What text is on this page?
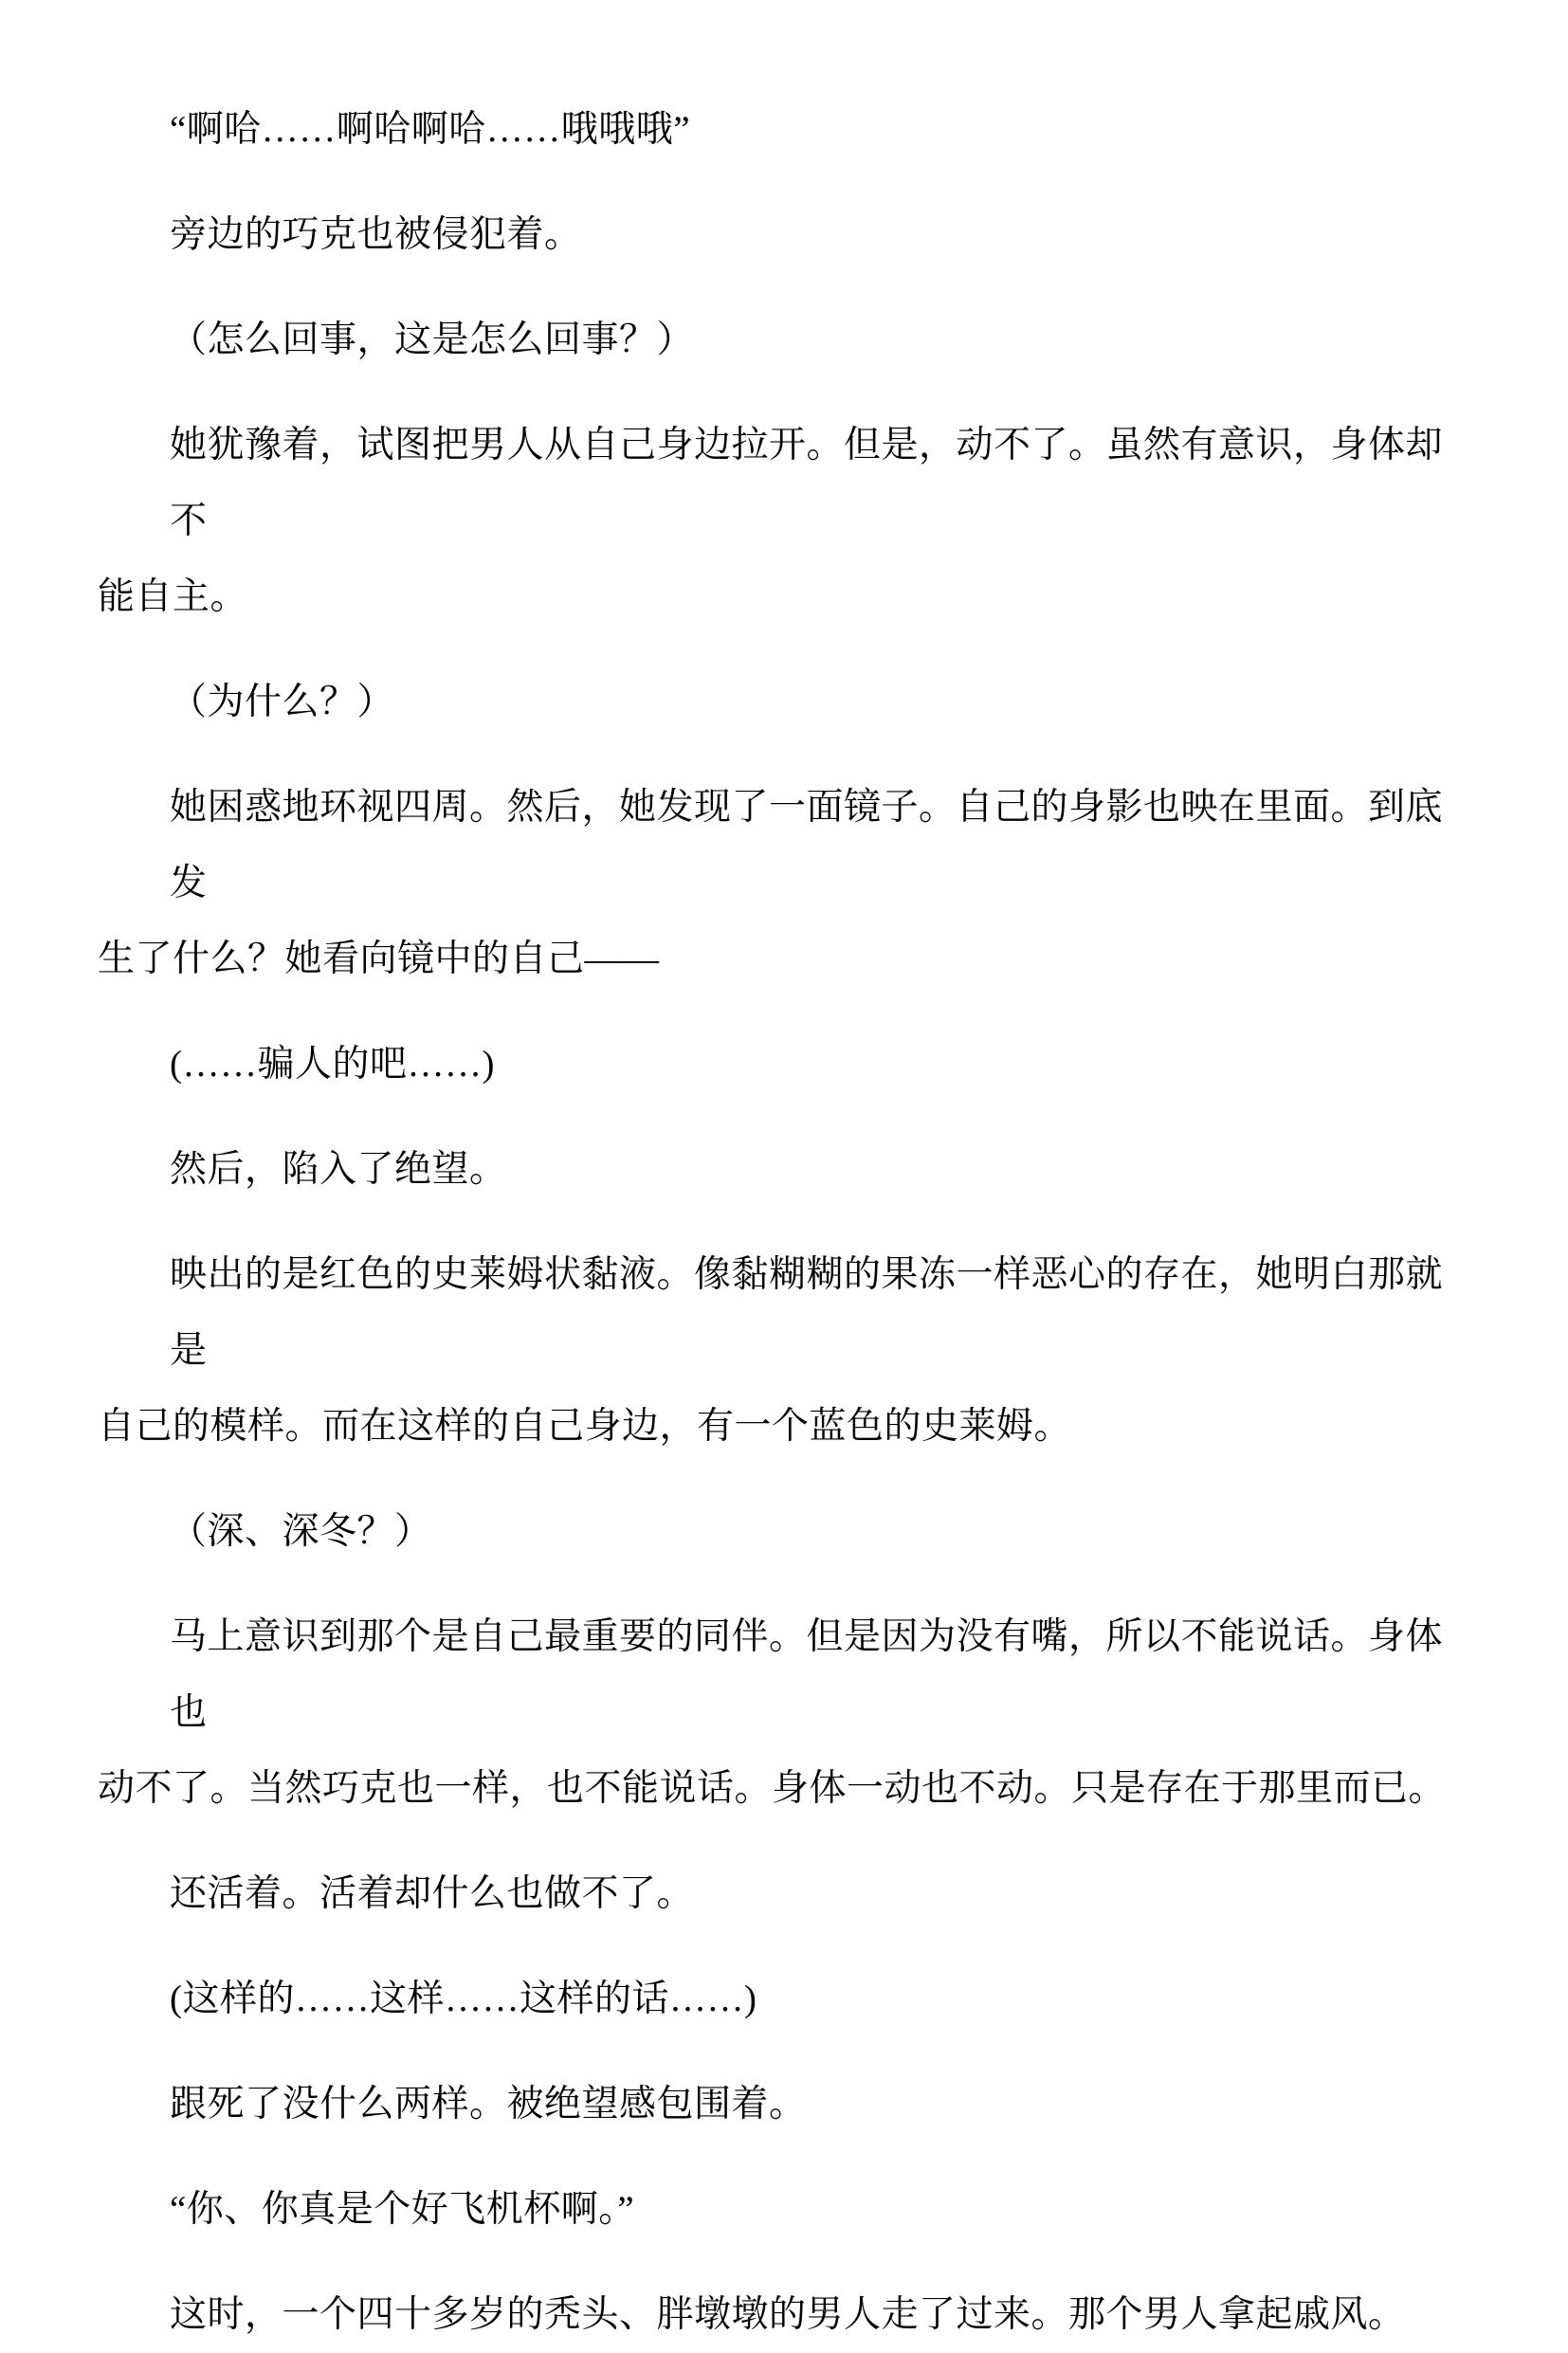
“啊哈……啊哈啊哈……哦哦哦”
旁边的巧克也被侵犯着。
（怎么回事，这是怎么回事？）
她犹豫着，试图把男人从自己身边拉开。但是，动不了。虽然有意识，身体却不
能自主。
（为什么？）
她困惑地环视四周。然后，她发现了一面镜子。自己的身影也映在里面。到底发
生了什么？她看向镜中的自己——
(……骗人的吧……)
然后，陷入了绝望。
映出的是红色的史莱姆状黏液。像黏糊糊的果冻一样恶心的存在，她明白那就是
自己的模样。而在这样的自己身边，有一个蓝色的史莱姆。
（深、深冬？）
马上意识到那个是自己最重要的同伴。但是因为没有嘴，所以不能说话。身体也
动不了。当然巧克也一样，也不能说话。身体一动也不动。只是存在于那里而已。
还活着。活着却什么也做不了。
(这样的……这样……这样的话……)
跟死了没什么两样。被绝望感包围着。
“你、你真是个好飞机杯啊。”
这时，一个四十多岁的秃头、胖墩墩的男人走了过来。那个男人拿起戚风。
